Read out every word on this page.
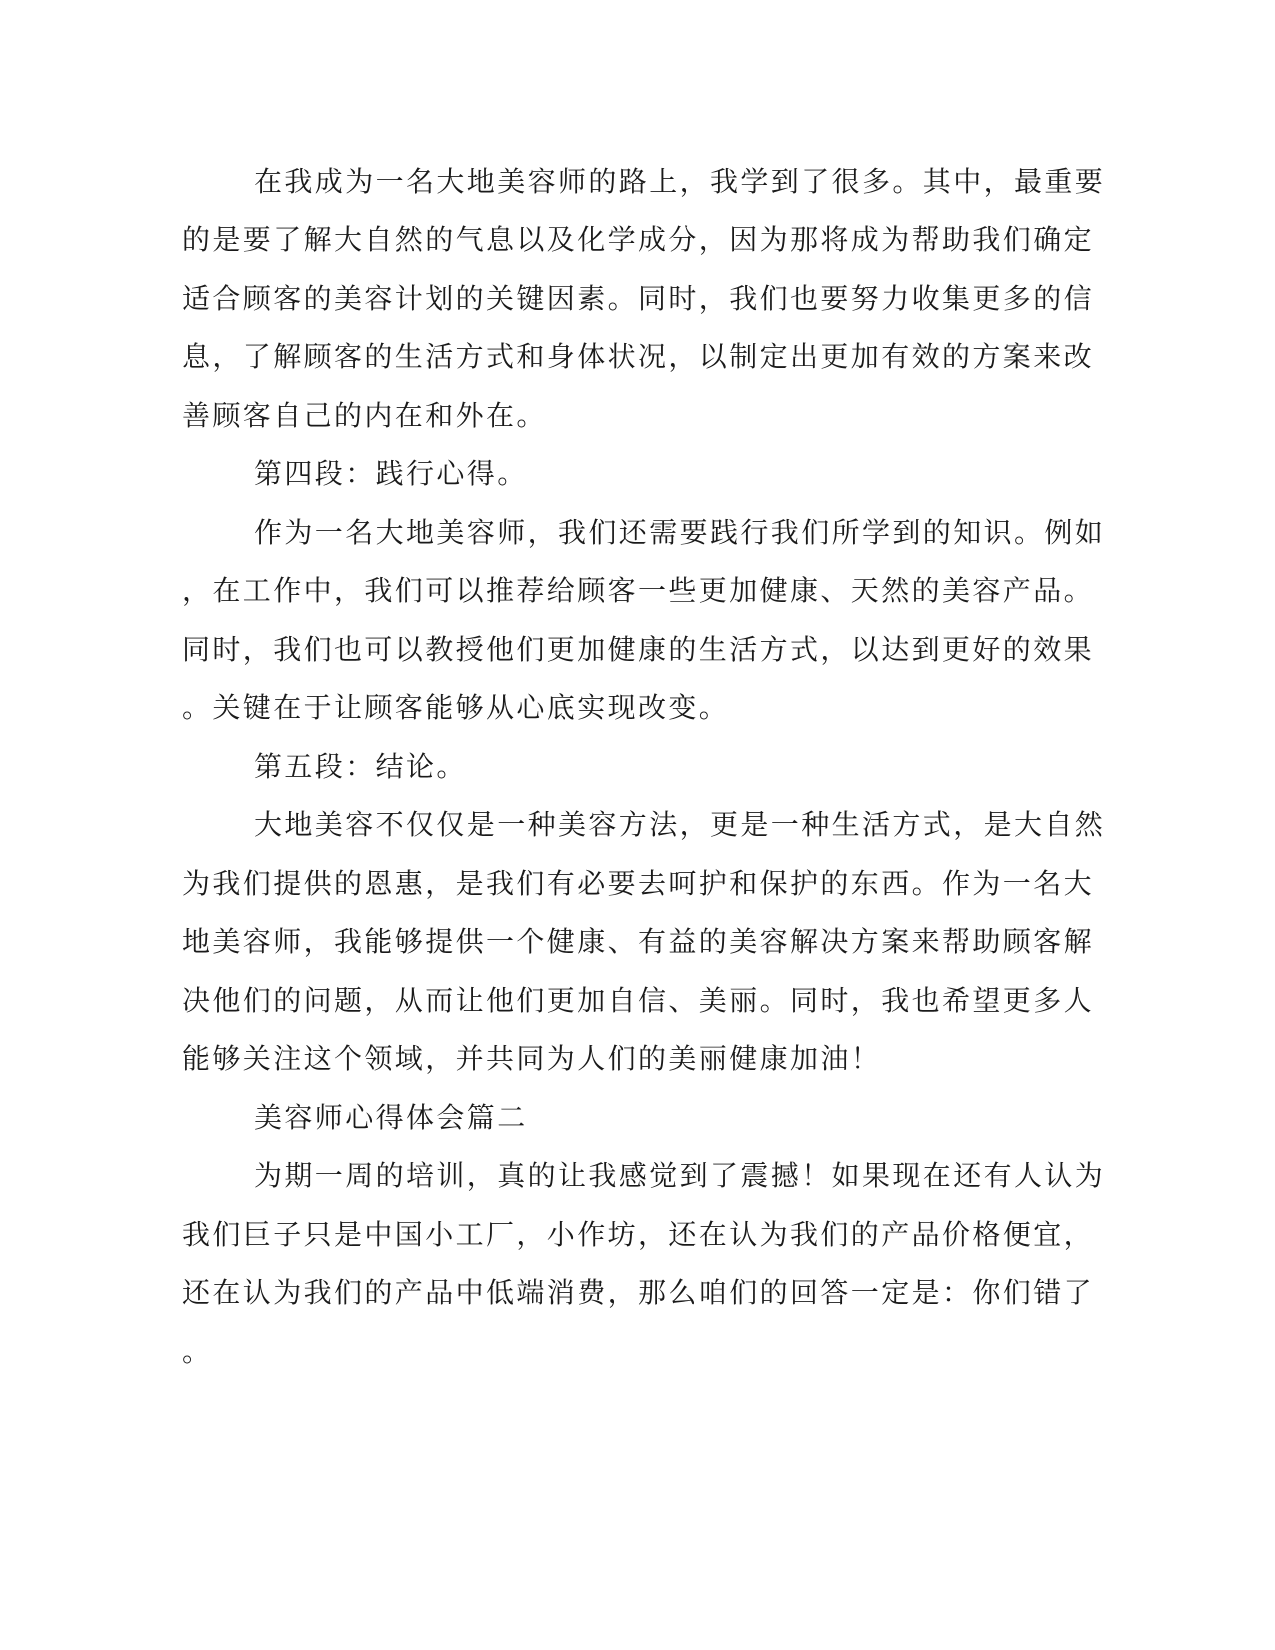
在我成为一名大地美容师的路上，我学到了很多。其中，最重要
的是要了解大自然的气息以及化学成分，因为那将成为帮助我们确定
适合顾客的美容计划的关键因素。同时，我们也要努力收集更多的信
息，了解顾客的生活方式和身体状况，以制定出更加有效的方案来改
善顾客自己的内在和外在。
第四段：践行心得。
作为一名大地美容师，我们还需要践行我们所学到的知识。例如
，在工作中，我们可以推荐给顾客一些更加健康、天然的美容产品。
同时，我们也可以教授他们更加健康的生活方式，以达到更好的效果
。关键在于让顾客能够从心底实现改变。
第五段：结论。
大地美容不仅仅是一种美容方法，更是一种生活方式，是大自然
为我们提供的恩惠，是我们有必要去呵护和保护的东西。作为一名大
地美容师，我能够提供一个健康、有益的美容解决方案来帮助顾客解
决他们的问题，从而让他们更加自信、美丽。同时，我也希望更多人
能够关注这个领域，并共同为人们的美丽健康加油！
美容师心得体会篇二
为期一周的培训，真的让我感觉到了震撼！如果现在还有人认为
我们巨子只是中国小工厂，小作坊，还在认为我们的产品价格便宜，
还在认为我们的产品中低端消费，那么咱们的回答一定是：你们错了
。
